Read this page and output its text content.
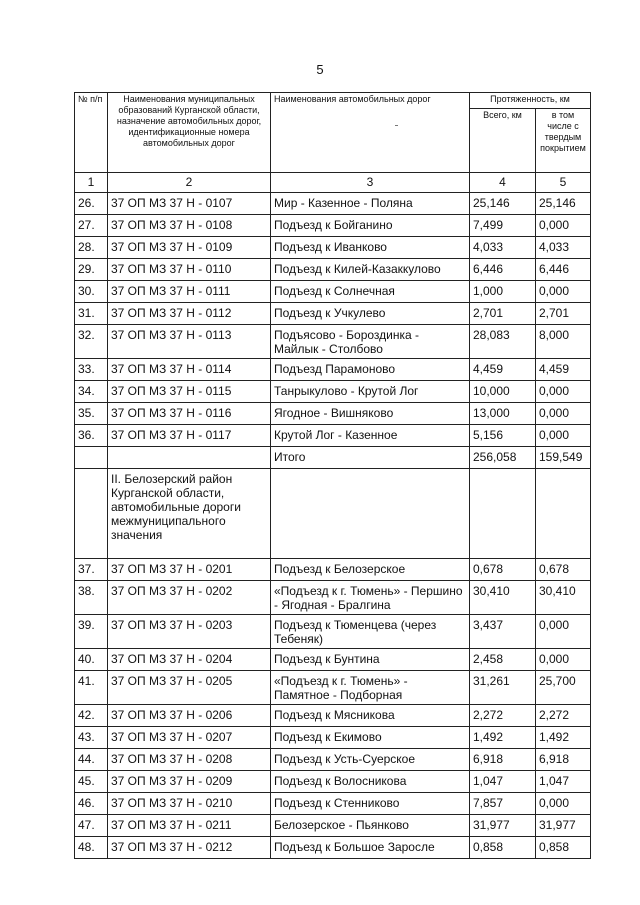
5
№ п/п	Наименования муниципальных образований Курганской области, назначение автомобильных дорог, идентификационные номера автомобильных дорог	Наименования автомобильных дорог	Протяженность, км	
			Всего, км	в том числе с твердым покрытием
1	2	3	4	5
26.	37 ОП МЗ 37 Н - 0107	Мир - Казенное - Поляна	25,146	25,146
27.	37 ОП МЗ 37 Н - 0108	Подъезд к Бойганино	7,499	0,000
28.	37 ОП МЗ 37 Н - 0109	Подъезд к Иванково	4,033	4,033
29.	37 ОП МЗ 37 Н - 0110	Подъезд к Килей-Казаккулово	6,446	6,446
30.	37 ОП МЗ 37 Н - 0111	Подъезд к Солнечная	1,000	0,000
31.	37 ОП МЗ 37 Н - 0112	Подъезд к Учкулево	2,701	2,701
32.	37 ОП МЗ 37 Н - 0113	Подъясово - Бороздинка - Майлык - Столбово	28,083	8,000
33.	37 ОП МЗ 37 Н - 0114	Подъезд Парамоново	4,459	4,459
34.	37 ОП МЗ 37 Н - 0115	Танрыкулово - Крутой Лог	10,000	0,000
35.	37 ОП МЗ 37 Н - 0116	Ягодное - Вишняково	13,000	0,000
36.	37 ОП МЗ 37 Н - 0117	Крутой Лог - Казенное	5,156	0,000
		Итого	256,058	159,549
	II. Белозерский район Курганской области, автомобильные дороги межмуниципального значения			
37.	37 ОП МЗ 37 Н - 0201	Подъезд к Белозерское	0,678	0,678
38.	37 ОП МЗ 37 Н - 0202	«Подъезд к г. Тюмень» - Першино - Ягодная - Бралгина	30,410	30,410
39.	37 ОП МЗ 37 Н - 0203	Подъезд к Тюменцева (через Тебеняк)	3,437	0,000
40.	37 ОП МЗ 37 Н - 0204	Подъезд к Бунтина	2,458	0,000
41.	37 ОП МЗ 37 Н - 0205	«Подъезд к г. Тюмень» - Памятное - Подборная	31,261	25,700
42.	37 ОП МЗ 37 Н - 0206	Подъезд к Мясникова	2,272	2,272
43.	37 ОП МЗ 37 Н - 0207	Подъезд к Екимово	1,492	1,492
44.	37 ОП МЗ 37 Н - 0208	Подъезд к Усть-Суерское	6,918	6,918
45.	37 ОП МЗ 37 Н - 0209	Подъезд к Волосникова	1,047	1,047
46.	37 ОП МЗ 37 Н - 0210	Подъезд к Стенниково	7,857	0,000
47.	37 ОП МЗ 37 Н - 0211	Белозерское - Пьянково	31,977	31,977
48.	37 ОП МЗ 37 Н - 0212	Подъезд к Большое Заросле	0,858	0,858
